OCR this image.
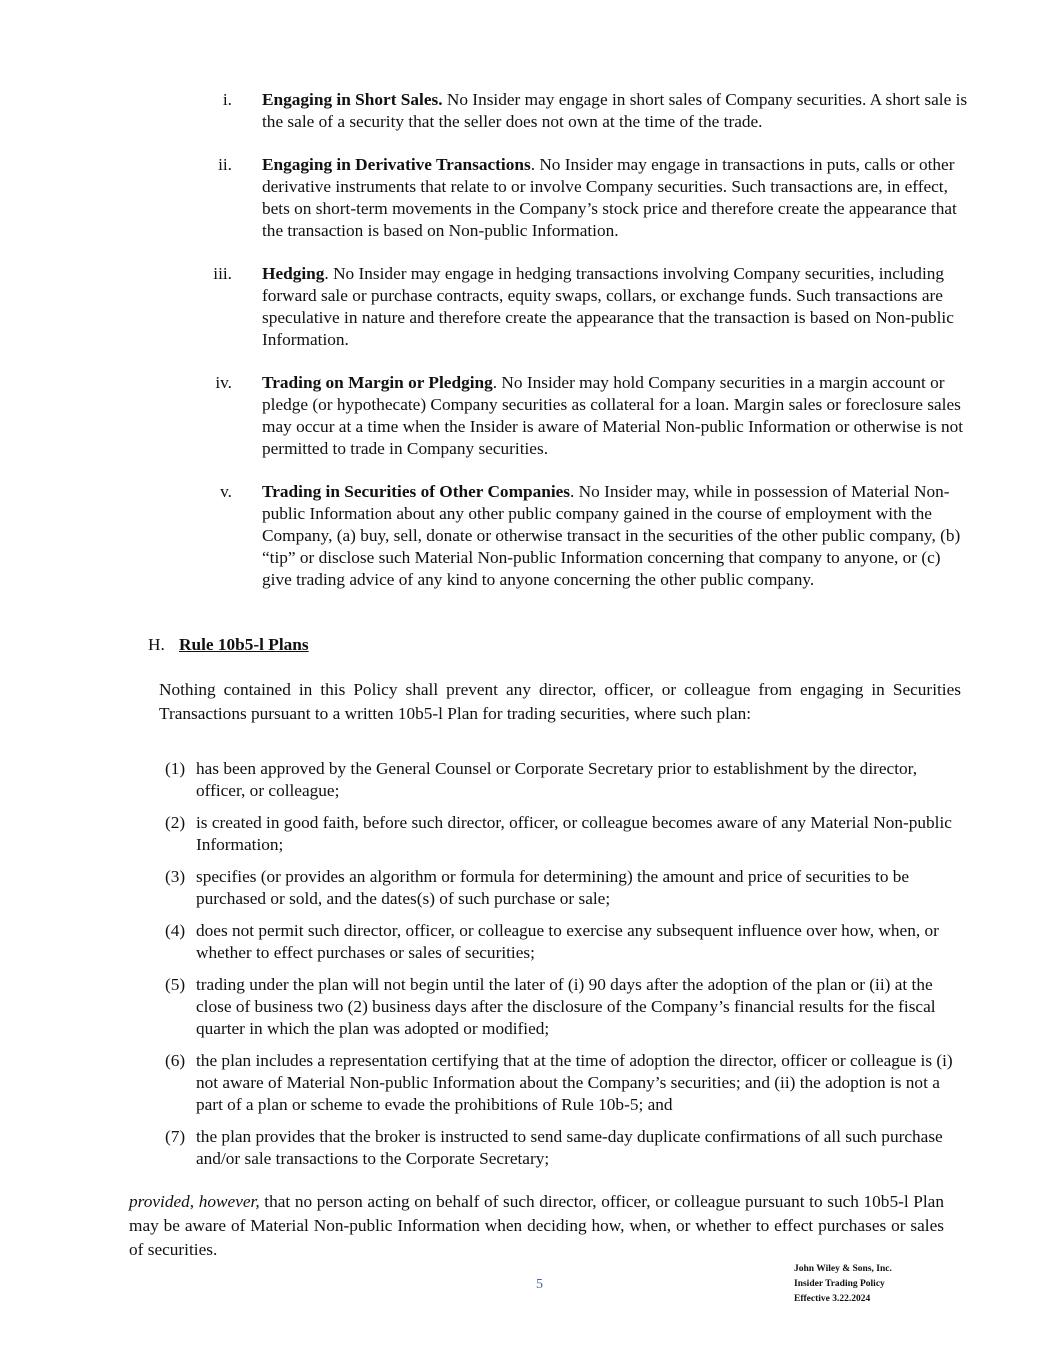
i. Engaging in Short Sales. No Insider may engage in short sales of Company securities. A short sale is the sale of a security that the seller does not own at the time of the trade.
ii. Engaging in Derivative Transactions. No Insider may engage in transactions in puts, calls or other derivative instruments that relate to or involve Company securities. Such transactions are, in effect, bets on short-term movements in the Company’s stock price and therefore create the appearance that the transaction is based on Non-public Information.
iii. Hedging. No Insider may engage in hedging transactions involving Company securities, including forward sale or purchase contracts, equity swaps, collars, or exchange funds. Such transactions are speculative in nature and therefore create the appearance that the transaction is based on Non-public Information.
iv. Trading on Margin or Pledging. No Insider may hold Company securities in a margin account or pledge (or hypothecate) Company securities as collateral for a loan. Margin sales or foreclosure sales may occur at a time when the Insider is aware of Material Non-public Information or otherwise is not permitted to trade in Company securities.
v. Trading in Securities of Other Companies. No Insider may, while in possession of Material Non-public Information about any other public company gained in the course of employment with the Company, (a) buy, sell, donate or otherwise transact in the securities of the other public company, (b) “tip” or disclose such Material Non-public Information concerning that company to anyone, or (c) give trading advice of any kind to anyone concerning the other public company.
H. Rule 10b5-l Plans
Nothing contained in this Policy shall prevent any director, officer, or colleague from engaging in Securities Transactions pursuant to a written 10b5-l Plan for trading securities, where such plan:
(1) has been approved by the General Counsel or Corporate Secretary prior to establishment by the director, officer, or colleague;
(2) is created in good faith, before such director, officer, or colleague becomes aware of any Material Non-public Information;
(3) specifies (or provides an algorithm or formula for determining) the amount and price of securities to be purchased or sold, and the dates(s) of such purchase or sale;
(4) does not permit such director, officer, or colleague to exercise any subsequent influence over how, when, or whether to effect purchases or sales of securities;
(5) trading under the plan will not begin until the later of (i) 90 days after the adoption of the plan or (ii) at the close of business two (2) business days after the disclosure of the Company’s financial results for the fiscal quarter in which the plan was adopted or modified;
(6) the plan includes a representation certifying that at the time of adoption the director, officer or colleague is (i) not aware of Material Non-public Information about the Company’s securities; and (ii) the adoption is not a part of a plan or scheme to evade the prohibitions of Rule 10b-5; and
(7) the plan provides that the broker is instructed to send same-day duplicate confirmations of all such purchase and/or sale transactions to the Corporate Secretary;
provided, however, that no person acting on behalf of such director, officer, or colleague pursuant to such 10b5-l Plan may be aware of Material Non-public Information when deciding how, when, or whether to effect purchases or sales of securities.
5
John Wiley & Sons, Inc.
Insider Trading Policy
Effective 3.22.2024
